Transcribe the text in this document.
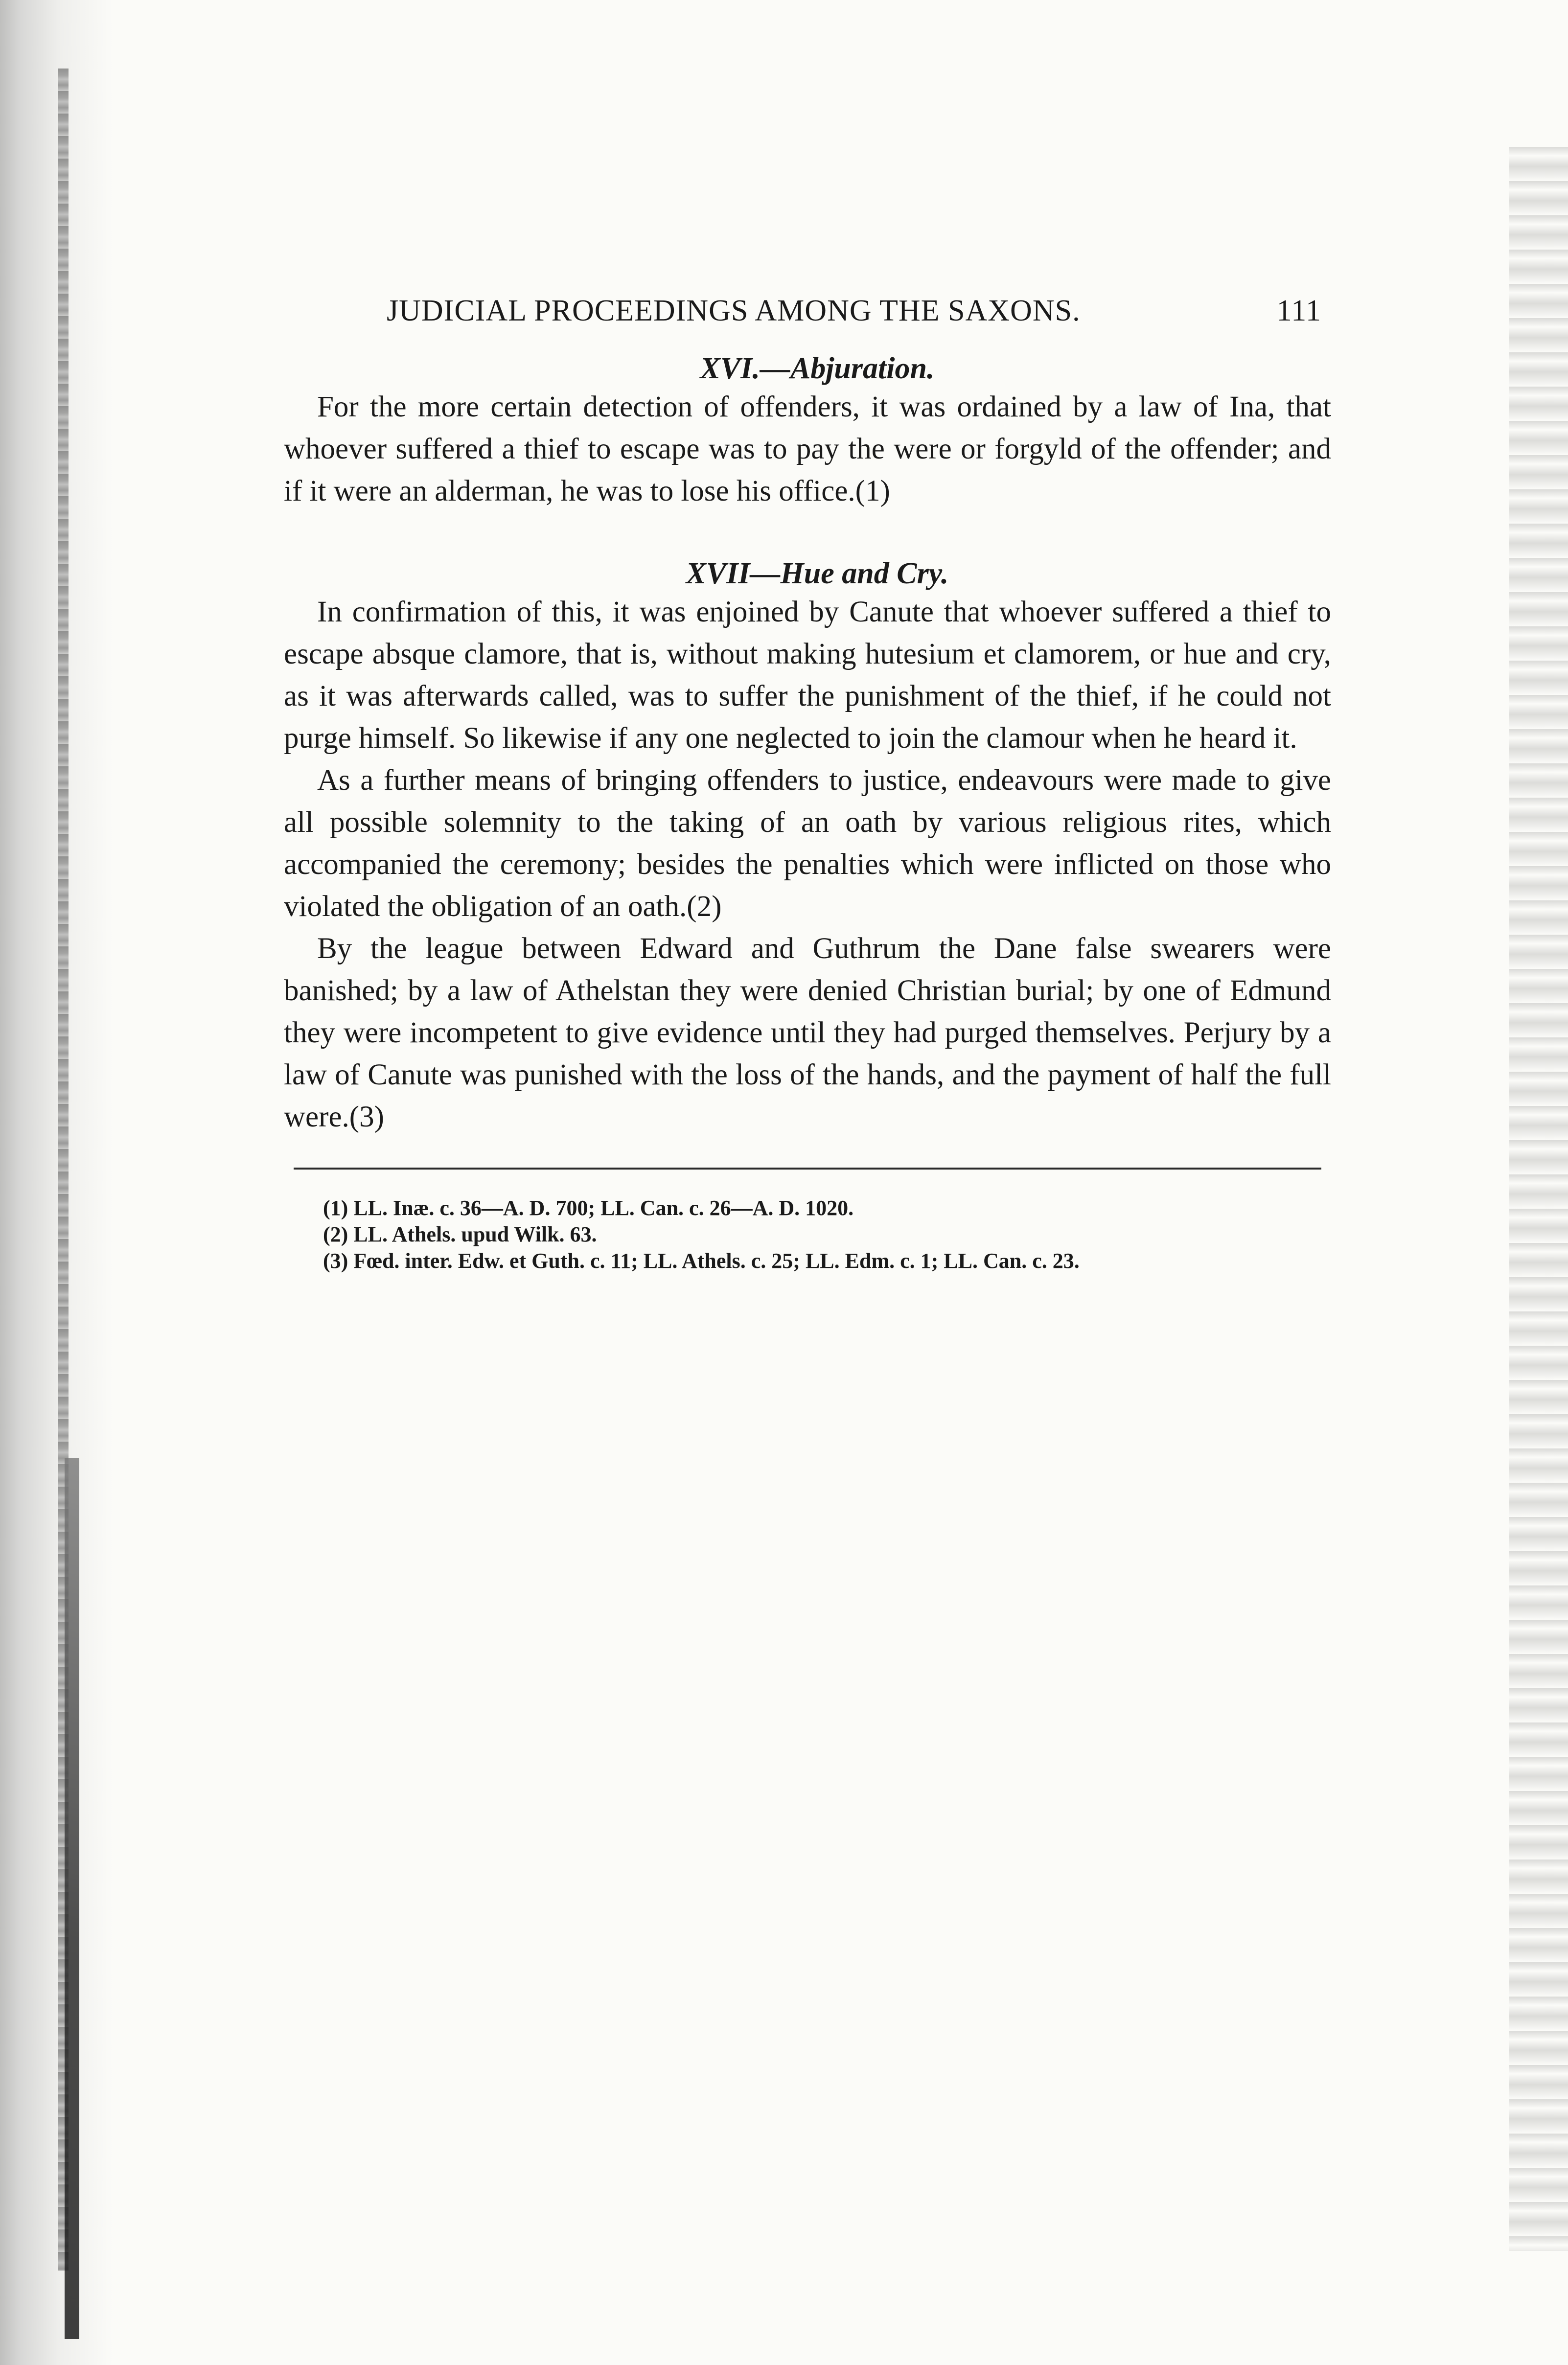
JUDICIAL PROCEEDINGS AMONG THE SAXONS.	111
XVI.—Abjuration.

For the more certain detection of offenders, it was ordained by a law of Ina, that whoever suffered a thief to escape was to pay the were or forgyld of the offender; and if it were an alderman, he was to lose his office.(1)

XVII—Hue and Cry.

In confirmation of this, it was enjoined by Canute that whoever suffered a thief to escape absque clamore, that is, without making hutesium et clamorem, or hue and cry, as it was afterwards called, was to suffer the punishment of the thief, if he could not purge himself. So likewise if any one neglected to join the clamour when he heard it.

As a further means of bringing offenders to justice, endeavours were made to give all possible solemnity to the taking of an oath by various religious rites, which accompanied the ceremony; besides the penalties which were inflicted on those who violated the obligation of an oath.(2)

By the league between Edward and Guthrum the Dane false swearers were banished; by a law of Athelstan they were denied Christian burial; by one of Edmund they were incompetent to give evidence until they had purged themselves. Perjury by a law of Canute was punished with the loss of the hands, and the payment of half the full were.(3)

(1) LL. Inæ. c. 36—A. D. 700; LL. Can. c. 26—A. D. 1020.
(2) LL. Athels. upud Wilk. 63.
(3) Fœd. inter. Edw. et Guth. c. 11; LL. Athels. c. 25; LL. Edm. c. 1; LL. Can. c. 23.
